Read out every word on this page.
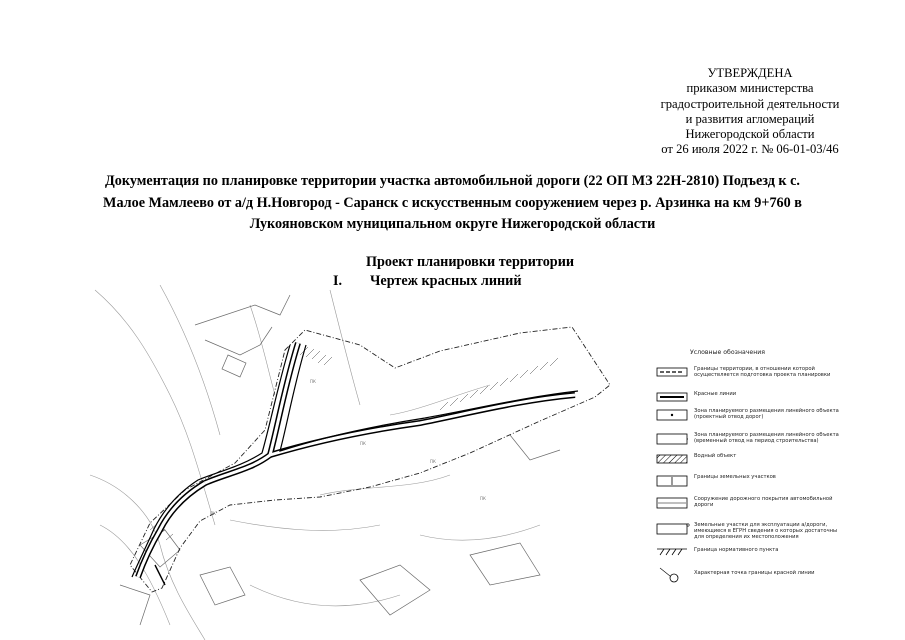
УТВЕРЖДЕНА
приказом министерства
градостроительной деятельности
и развития агломераций
Нижегородской области
от 26 июля 2022 г. № 06-01-03/46
Документация по планировке территории участка автомобильной дороги (22 ОП МЗ 22Н-2810) Подъезд к с.
Малое Мамлеево от а/д Н.Новгород - Саранск с искусственным сооружением через р. Арзинка на км 9+760 в
Лукояновском муниципальном округе Нижегородской области
Проект планировки территории
I. Чертеж красных линий
ПК
ПК
ПК
ПК
ПК
Условные обозначения
Границы территории, в отношении которой осуществляется подготовка проекта планировки
Красные линии
Зона планируемого размещения линейного объекта (проектный отвод дорог)
Зона планируемого размещения линейного объекта (временный отвод на период строительства)
Водный объект
Границы земельных участков
Сооружение дорожного покрытия автомобильной дороги
Земельные участки для эксплуатации а/дороги, имеющиеся в ЕГРН сведения о которых достаточны для определения их местоположения
Граница нормативного пункта
Характерная точка границы красной линии
